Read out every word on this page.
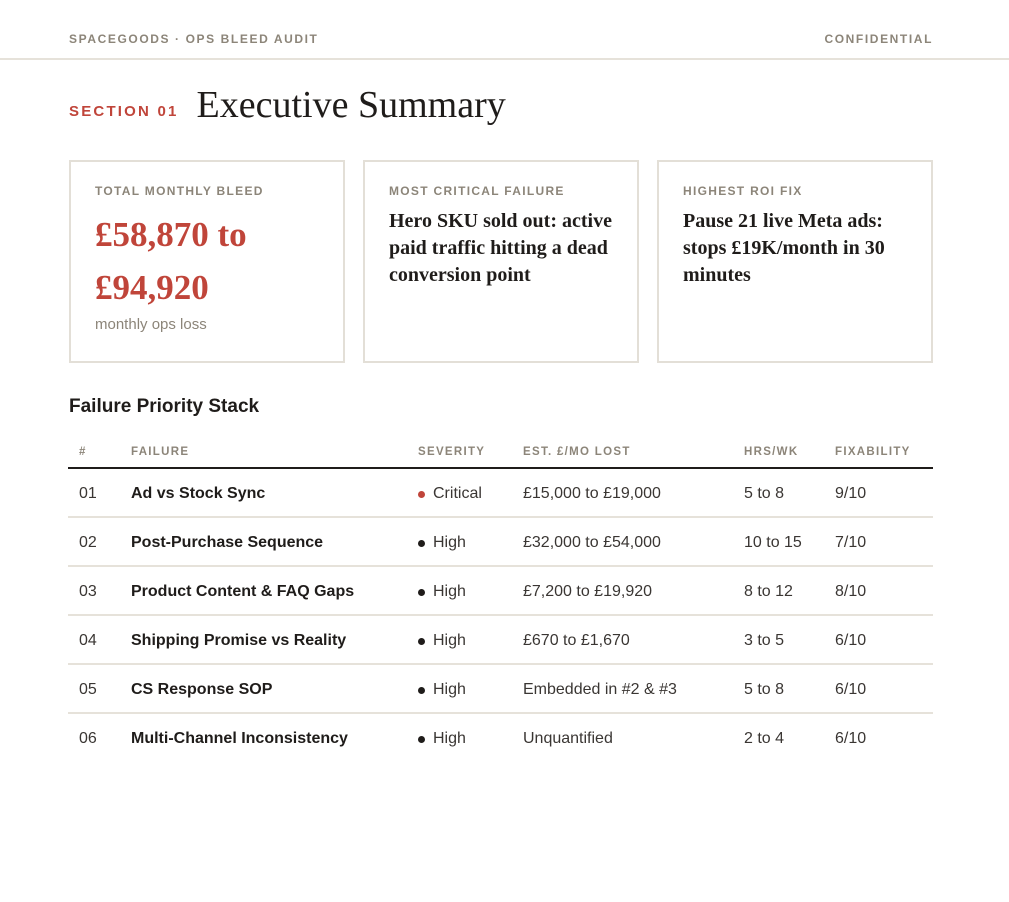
SPACEGOODS · OPS BLEED AUDIT	CONFIDENTIAL
SECTION 01 Executive Summary
TOTAL MONTHLY BLEED
£58,870 to
£94,920
monthly ops loss
MOST CRITICAL FAILURE
Hero SKU sold out: active paid traffic hitting a dead conversion point
HIGHEST ROI FIX
Pause 21 live Meta ads: stops £19K/month in 30 minutes
Failure Priority Stack
#	FAILURE	SEVERITY	EST. £/MO LOST	HRS/WK	FIXABILITY
01 Ad vs Stock Sync	Critical	£15,000 to £19,000	5 to 8	9/10
02 Post-Purchase Sequence	High	£32,000 to £54,000	10 to 15 7/10
03 Product Content & FAQ Gaps	High	£7,200 to £19,920	8 to 12	8/10
04 Shipping Promise vs Reality	High	£670 to £1,670	3 to 5	6/10
05 CS Response SOP	High	Embedded in #2 & #3	5 to 8	6/10
06 Multi-Channel Inconsistency	High	Unquantified	2 to 4	6/10
